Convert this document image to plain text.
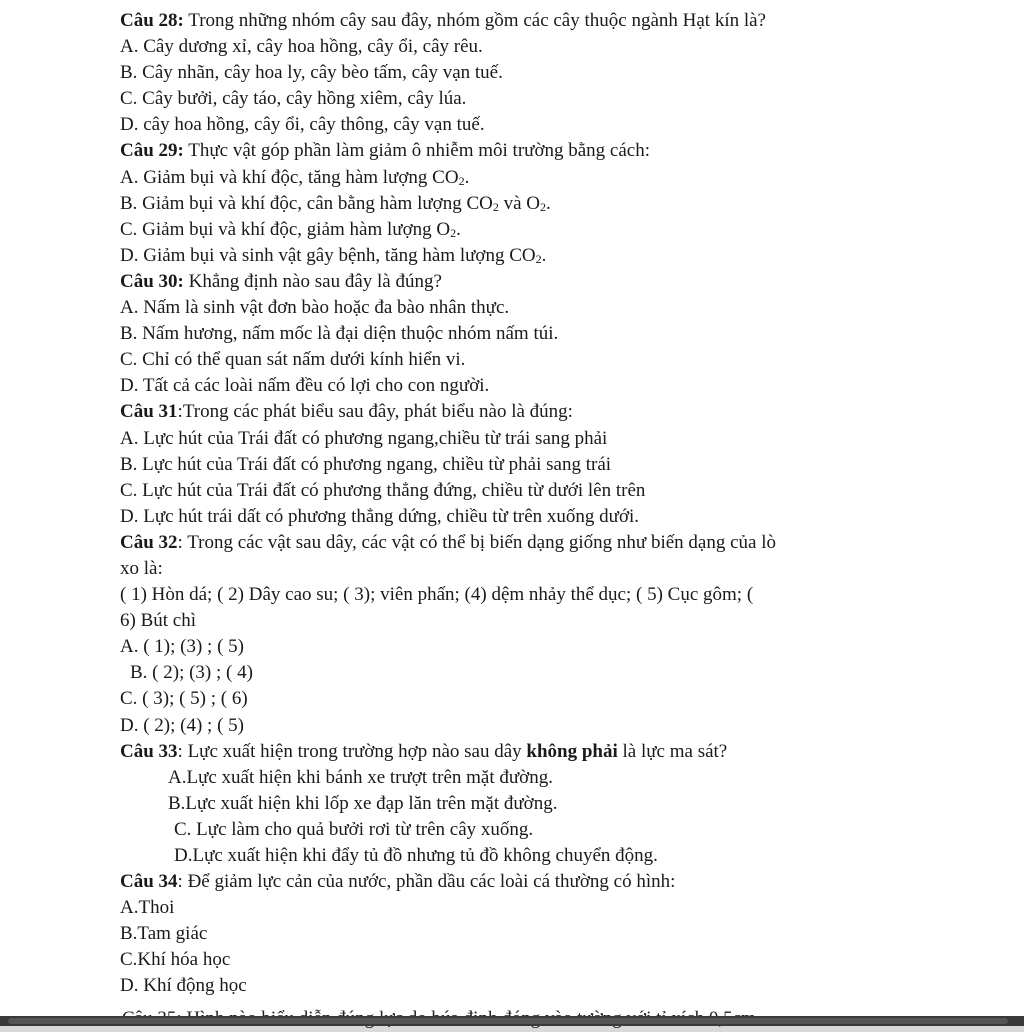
Câu 28: Trong những nhóm cây sau đây, nhóm gồm các cây thuộc ngành Hạt kín là?
A. Cây dương xỉ, cây hoa hồng, cây ổi, cây rêu.
B. Cây nhãn, cây hoa ly, cây bèo tấm, cây vạn tuế.
C. Cây bưởi, cây táo, cây hồng xiêm, cây lúa.
D. cây hoa hồng, cây ổi, cây thông, cây vạn tuế.
Câu 29: Thực vật góp phần làm giảm ô nhiễm môi trường bằng cách:
A. Giảm bụi và khí độc, tăng hàm lượng $CO_2$.
B. Giảm bụi và khí độc, cân bằng hàm lượng $CO_2$ và $O_2$.
C. Giảm bụi và khí độc, giảm hàm lượng $O_2$.
D. Giảm bụi và sinh vật gây bệnh, tăng hàm lượng $CO_2$.
Câu 30: Khẳng định nào sau đây là đúng?
A. Nấm là sinh vật đơn bào hoặc đa bào nhân thực.
B. Nấm hương, nấm mốc là đại diện thuộc nhóm nấm túi.
C. Chỉ có thể quan sát nấm dưới kính hiển vi.
D. Tất cả các loài nấm đều có lợi cho con người.
Câu 31:Trong các phát biểu sau đây, phát biểu nào là đúng:
A. Lực hút của Trái đất có phương ngang,chiều từ trái sang phải
B. Lực hút của Trái đất có phương ngang, chiều từ phải sang trái
C. Lực hút của Trái đất có phương thẳng đứng, chiều từ dưới lên trên
D. Lực hút trái dất có phương thẳng dứng, chiều từ trên xuống dưới.
Câu 32: Trong các vật sau dây, các vật có thể bị biến dạng giống như biến dạng của lò
xo là:
( 1) Hòn dá; ( 2) Dây cao su; ( 3); viên phấn; (4) dệm nhảy thể dục; ( 5) Cục gôm; (
6) Bút chì
A. ( 1); (3) ; ( 5)
B. ( 2); (3) ; ( 4)
C. ( 3); ( 5) ; ( 6)
D. ( 2); (4) ; ( 5)
Câu 33: Lực xuất hiện trong trường hợp nào sau dây không phải là lực ma sát?
A.Lực xuất hiện khi bánh xe trượt trên mặt đường.
B.Lực xuất hiện khi lốp xe đạp lăn trên mặt đường.
C. Lực làm cho quả bưởi rơi từ trên cây xuống.
D.Lực xuất hiện khi đẩy tủ đồ nhưng tủ đồ không chuyển động.
Câu 34: Để giảm lực cản của nước, phần dầu các loài cá thường có hình:
A.Thoi
B.Tam giác
C.Khí hóa học
D. Khí động học
